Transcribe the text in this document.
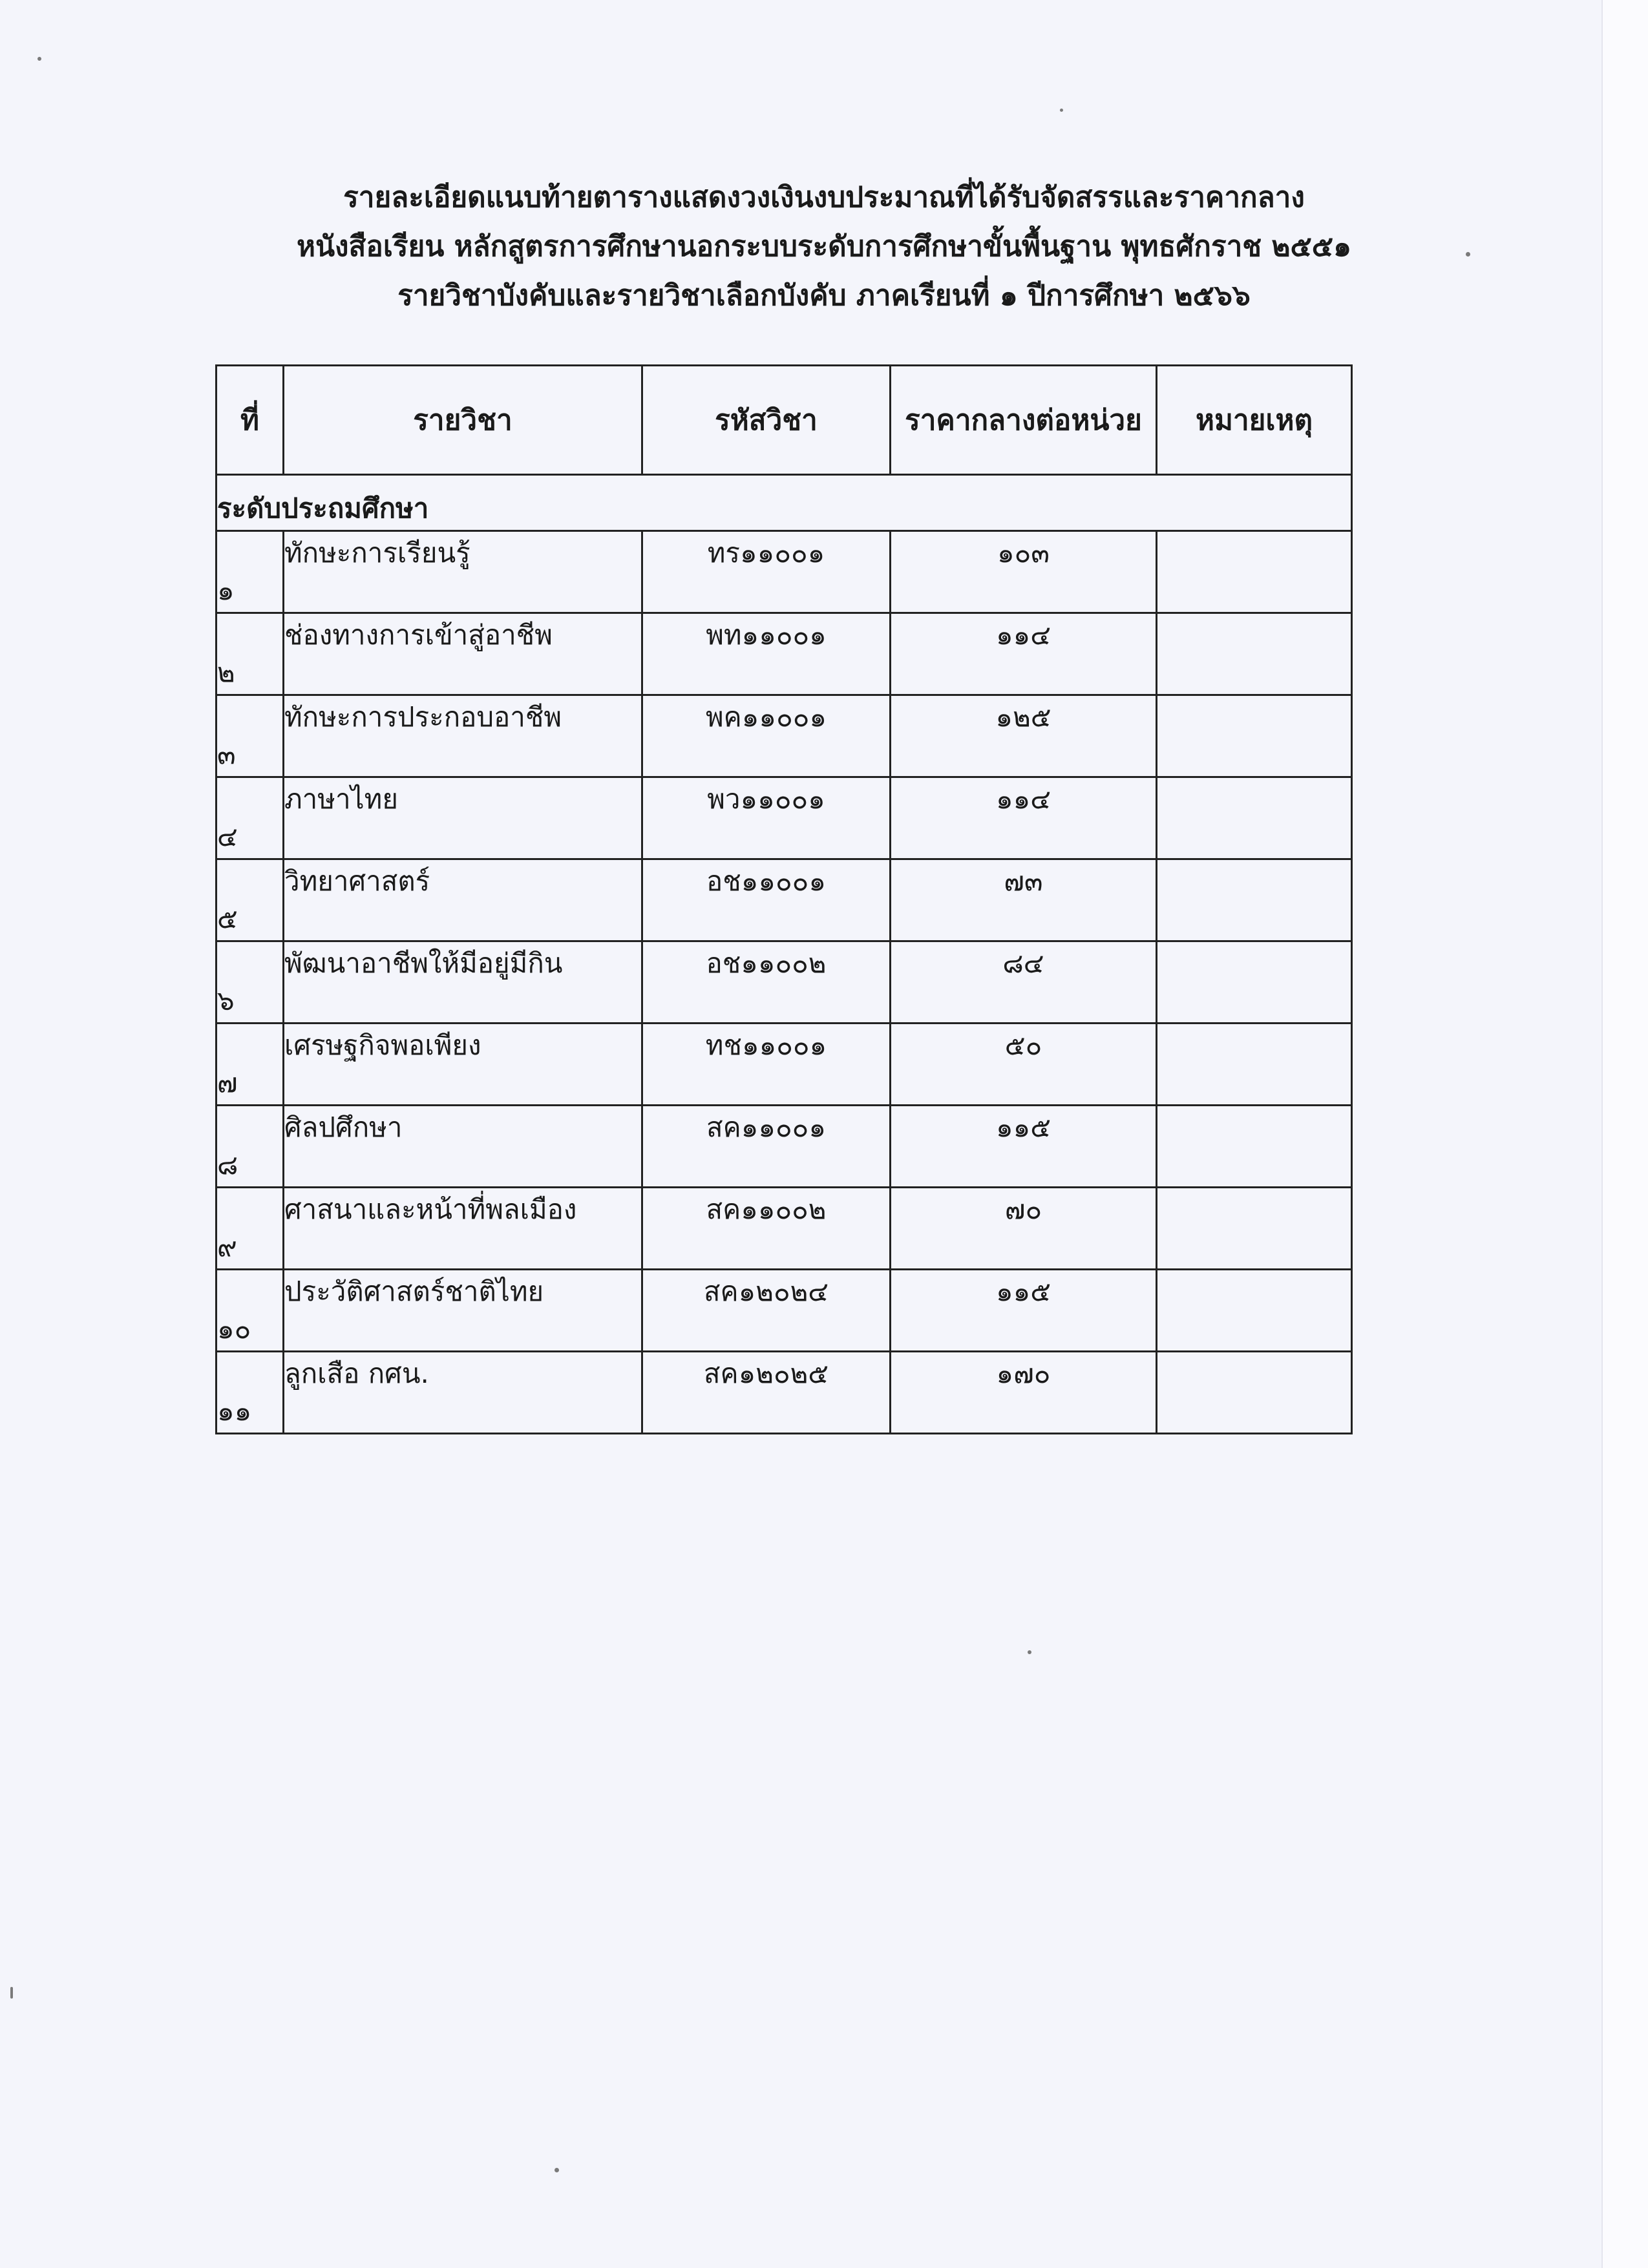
รายละเอียดแนบท้ายตารางแสดงวงเงินงบประมาณที่ได้รับจัดสรรและราคากลาง
หนังสือเรียน หลักสูตรการศึกษานอกระบบระดับการศึกษาขั้นพื้นฐาน พุทธศักราช ๒๕๕๑
รายวิชาบังคับและรายวิชาเลือกบังคับ ภาคเรียนที่ ๑ ปีการศึกษา ๒๕๖๖
ที่	รายวิชา	รหัสวิชา	ราคากลางต่อหน่วย	หมายเหตุ
ระดับประถมศึกษา				
๑	ทักษะการเรียนรู้	ทร๑๑๐๐๑	๑๐๓	
๒	ช่องทางการเข้าสู่อาชีพ	พท๑๑๐๐๑	๑๑๔	
๓	ทักษะการประกอบอาชีพ	พค๑๑๐๐๑	๑๒๕	
๔	ภาษาไทย	พว๑๑๐๐๑	๑๑๔	
๕	วิทยาศาสตร์	อช๑๑๐๐๑	๗๓	
๖	พัฒนาอาชีพให้มีอยู่มีกิน	อช๑๑๐๐๒	๘๔	
๗	เศรษฐกิจพอเพียง	ทช๑๑๐๐๑	๕๐	
๘	ศิลปศึกษา	สค๑๑๐๐๑	๑๑๕	
๙	ศาสนาและหน้าที่พลเมือง	สค๑๑๐๐๒	๗๐	
๑๐	ประวัติศาสตร์ชาติไทย	สค๑๒๐๒๔	๑๑๕	
๑๑	ลูกเสือ กศน.	สค๑๒๐๒๕	๑๗๐	
